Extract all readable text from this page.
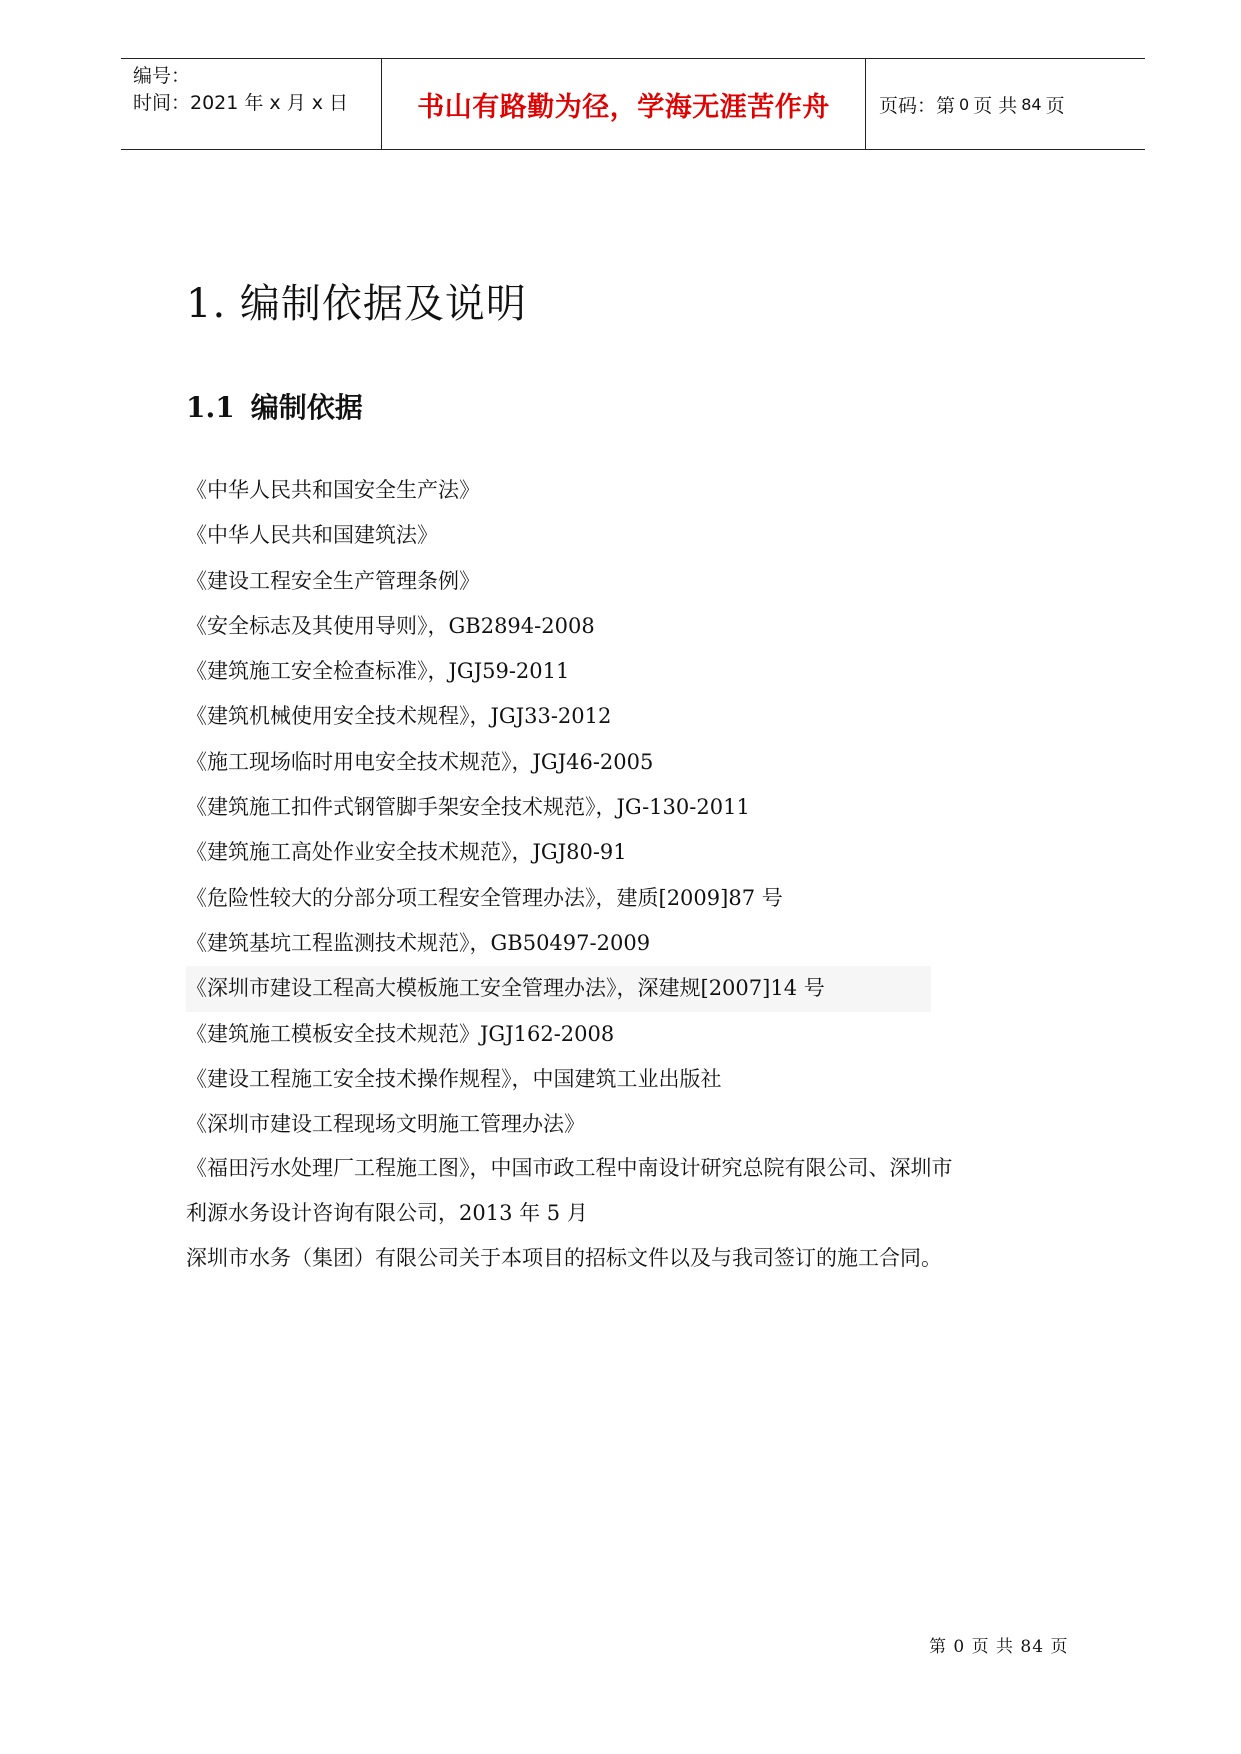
编号：
时间：2021 年 x 月 x 日	书山有路勤为径，学海无涯苦作舟	页码：第 0 页 共 84 页
1. 编制依据及说明
1.1 编制依据
《中华人民共和国安全生产法》
《中华人民共和国建筑法》
《建设工程安全生产管理条例》
《安全标志及其使用导则》，GB2894-2008
《建筑施工安全检查标准》，JGJ59-2011
《建筑机械使用安全技术规程》，JGJ33-2012
《施工现场临时用电安全技术规范》，JGJ46-2005
《建筑施工扣件式钢管脚手架安全技术规范》，JG-130-2011
《建筑施工高处作业安全技术规范》，JGJ80-91
《危险性较大的分部分项工程安全管理办法》，建质[2009]87 号
《建筑基坑工程监测技术规范》，GB50497-2009
《深圳市建设工程高大模板施工安全管理办法》，深建规[2007]14 号
《建筑施工模板安全技术规范》JGJ162-2008
《建设工程施工安全技术操作规程》，中国建筑工业出版社
《深圳市建设工程现场文明施工管理办法》
《福田污水处理厂工程施工图》，中国市政工程中南设计研究总院有限公司、深圳市
利源水务设计咨询有限公司，2013 年 5 月
深圳市水务（集团）有限公司关于本项目的招标文件以及与我司签订的施工合同。
第 0 页 共 84 页
